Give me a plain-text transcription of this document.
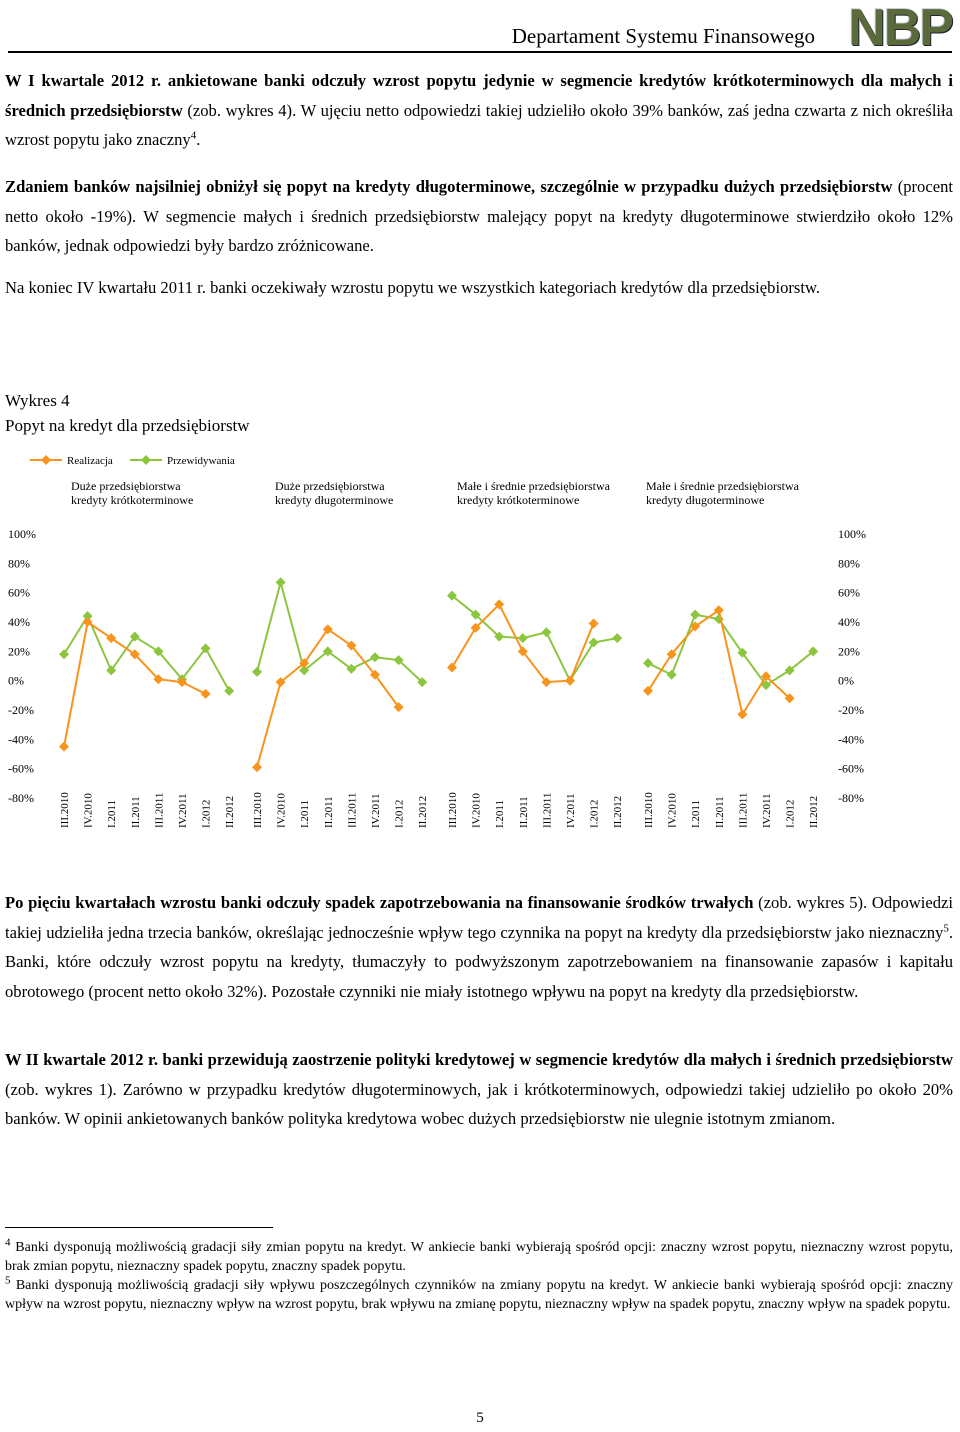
Departament Systemu Finansowego NBP
W I kwartale 2012 r. ankietowane banki odczuły wzrost popytu jedynie w segmencie kredytów krótkoterminowych dla małych i średnich przedsiębiorstw (zob. wykres 4). W ujęciu netto odpowiedzi takiej udzieliło około 39% banków, zaś jedna czwarta z nich określiła wzrost popytu jako znaczny$^4$.
Zdaniem banków najsilniej obniżył się popyt na kredyty długoterminowe, szczególnie w przypadku dużych przedsiębiorstw (procent netto około -19%). W segmencie małych i średnich przedsiębiorstw malejący popyt na kredyty długoterminowe stwierdziło około 12% banków, jednak odpowiedzi były bardzo zróżnicowane.
Na koniec IV kwartału 2011 r. banki oczekiwały wzrostu popytu we wszystkich kategoriach kredytów dla przedsiębiorstw.
Wykres 4
Popyt na kredyt dla przedsiębiorstw
Realizacja	Przewidywania
100%	100%
80%	80%
60%	60%
40%	40%
20%	20%
0%	0%
-20%	-20%
-40%	-40%
-60%	-60%
-80%	-80%
Duże przedsiębiorstwa
kredyty krótkoterminowe
III.2010 IV.2010 I.2011 II.2011 III.2011 IV.2011 I.2012 II.2012
Duże przedsiębiorstwa
kredyty długoterminowe
III.2010 IV.2010 I.2011 II.2011 III.2011 IV.2011 I.2012 II.2012
Małe i średnie przedsiębiorstwa
kredyty krótkoterminowe
III.2010 IV.2010 I.2011 II.2011 III.2011 IV.2011 I.2012 II.2012
Małe i średnie przedsiębiorstwa
kredyty długoterminowe
III.2010 IV.2010 I.2011 II.2011 III.2011 IV.2011 I.2012 II.2012
Po pięciu kwartałach wzrostu banki odczuły spadek zapotrzebowania na finansowanie środków trwałych (zob. wykres 5). Odpowiedzi takiej udzieliła jedna trzecia banków, określając jednocześnie wpływ tego czynnika na popyt na kredyty dla przedsiębiorstw jako nieznaczny$^5$. Banki, które odczuły wzrost popytu na kredyty, tłumaczyły to podwyższonym zapotrzebowaniem na finansowanie zapasów i kapitału obrotowego (procent netto około 32%). Pozostałe czynniki nie miały istotnego wpływu na popyt na kredyty dla przedsiębiorstw.
W II kwartale 2012 r. banki przewidują zaostrzenie polityki kredytowej w segmencie kredytów dla małych i średnich przedsiębiorstw (zob. wykres 1). Zarówno w przypadku kredytów długoterminowych, jak i krótkoterminowych, odpowiedzi takiej udzieliło po około 20% banków. W opinii ankietowanych banków polityka kredytowa wobec dużych przedsiębiorstw nie ulegnie istotnym zmianom.

$^4$ Banki dysponują możliwością gradacji siły zmian popytu na kredyt. W ankiecie banki wybierają spośród opcji: znaczny wzrost popytu, nieznaczny wzrost popytu, brak zmian popytu, nieznaczny spadek popytu, znaczny spadek popytu.

$^5$ Banki dysponują możliwością gradacji siły wpływu poszczególnych czynników na zmiany popytu na kredyt. W ankiecie banki wybierają spośród opcji: znaczny wpływ na wzrost popytu, nieznaczny wpływ na wzrost popytu, brak wpływu na zmianę popytu, nieznaczny wpływ na spadek popytu, znaczny wpływ na spadek popytu.

5
